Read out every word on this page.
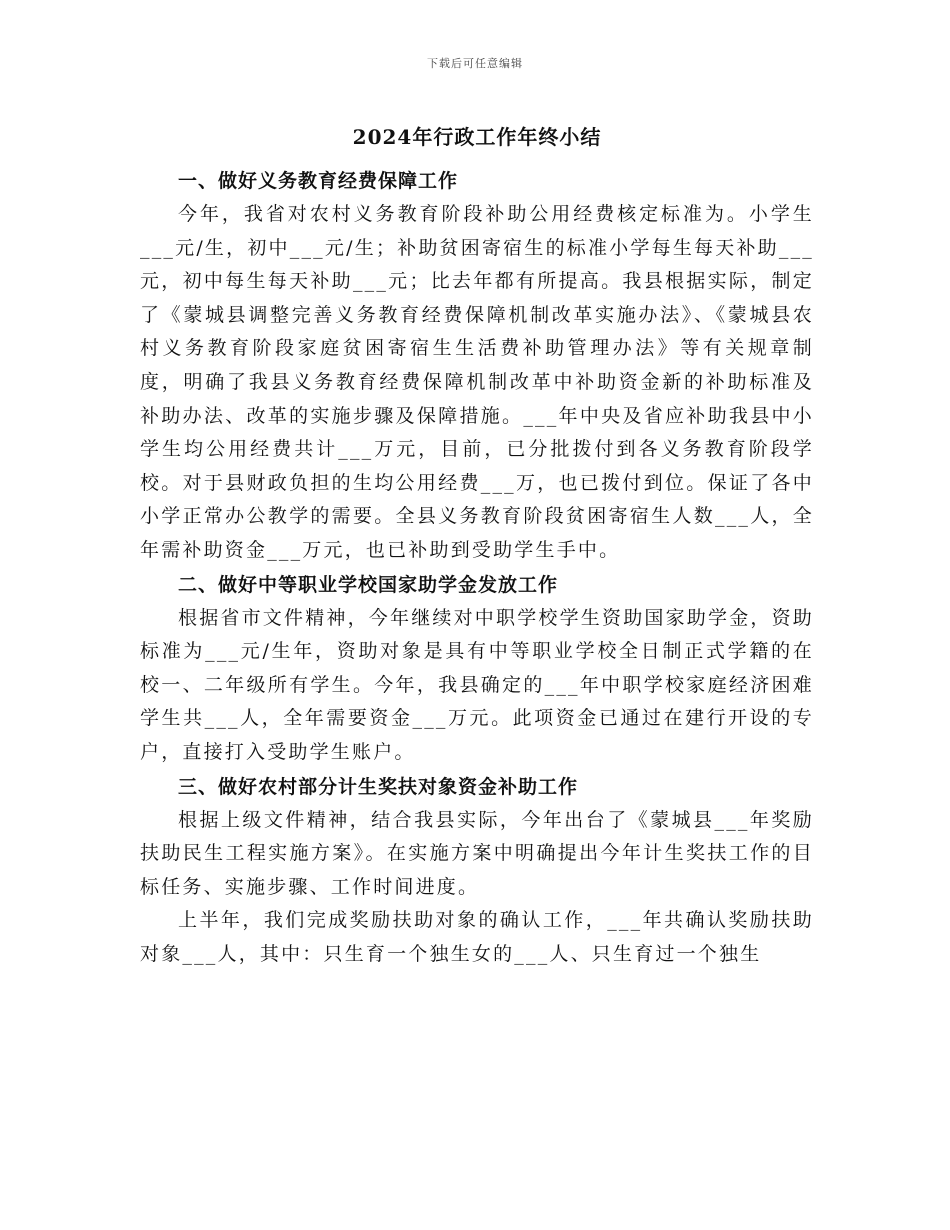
下载后可任意编辑
2024年行政工作年终小结
一、做好义务教育经费保障工作

今年，我省对农村义务教育阶段补助公用经费核定标准为。小学生___元/生，初中___元/生；补助贫困寄宿生的标准小学每生每天补助___元，初中每生每天补助___元；比去年都有所提高。我县根据实际，制定了《蒙城县调整完善义务教育经费保障机制改革实施办法》、《蒙城县农村义务教育阶段家庭贫困寄宿生生活费补助管理办法》等有关规章制度，明确了我县义务教育经费保障机制改革中补助资金新的补助标准及补助办法、改革的实施步骤及保障措施。___年中央及省应补助我县中小学生均公用经费共计___万元，目前，已分批拨付到各义务教育阶段学校。对于县财政负担的生均公用经费___万，也已拨付到位。保证了各中小学正常办公教学的需要。全县义务教育阶段贫困寄宿生人数___人，全年需补助资金___万元，也已补助到受助学生手中。

二、做好中等职业学校国家助学金发放工作

根据省市文件精神，今年继续对中职学校学生资助国家助学金，资助标准为___元/生年，资助对象是具有中等职业学校全日制正式学籍的在校一、二年级所有学生。今年，我县确定的___年中职学校家庭经济困难学生共___人，全年需要资金___万元。此项资金已通过在建行开设的专户，直接打入受助学生账户。

三、做好农村部分计生奖扶对象资金补助工作

根据上级文件精神，结合我县实际，今年出台了《蒙城县___年奖励扶助民生工程实施方案》。在实施方案中明确提出今年计生奖扶工作的目标任务、实施步骤、工作时间进度。

上半年，我们完成奖励扶助对象的确认工作，___年共确认奖励扶助对象___人，其中：只生育一个独生女的___人、只生育过一个独生
